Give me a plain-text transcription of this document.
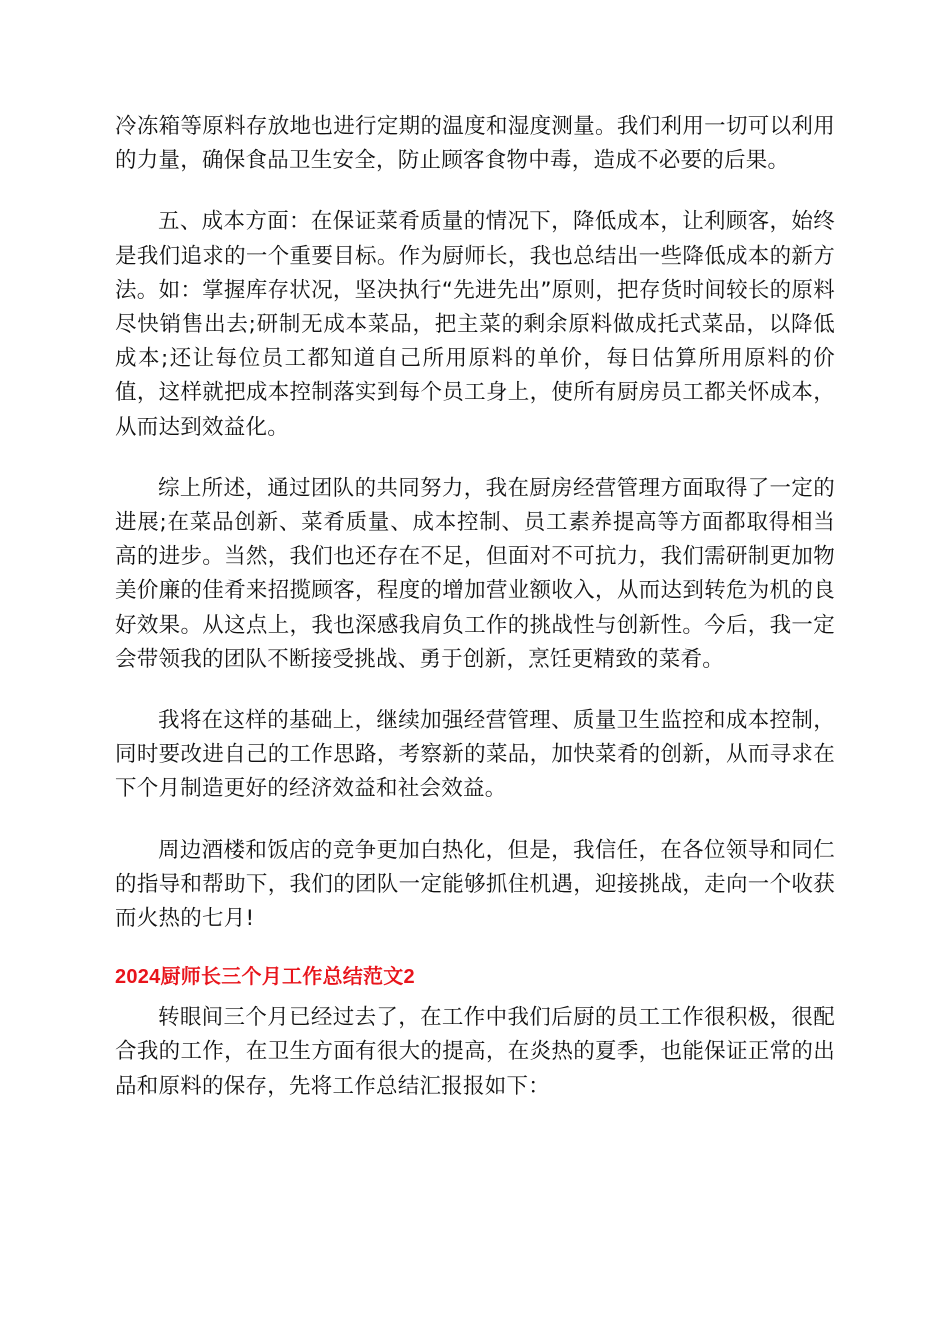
冷冻箱等原料存放地也进行定期的温度和湿度测量。我们利用一切可以利用的力量，确保食品卫生安全，防止顾客食物中毒，造成不必要的后果。

五、成本方面：在保证菜肴质量的情况下，降低成本，让利顾客，始终是我们追求的一个重要目标。作为厨师长，我也总结出一些降低成本的新方法。如：掌握库存状况，坚决执行“先进先出”原则，把存货时间较长的原料尽快销售出去;研制无成本菜品，把主菜的剩余原料做成托式菜品，以降低成本;还让每位员工都知道自己所用原料的单价，每日估算所用原料的价值，这样就把成本控制落实到每个员工身上，使所有厨房员工都关怀成本，从而达到效益化。

综上所述，通过团队的共同努力，我在厨房经营管理方面取得了一定的进展;在菜品创新、菜肴质量、成本控制、员工素养提高等方面都取得相当高的进步。当然，我们也还存在不足，但面对不可抗力，我们需研制更加物美价廉的佳肴来招揽顾客，程度的增加营业额收入，从而达到转危为机的良好效果。从这点上，我也深感我肩负工作的挑战性与创新性。今后，我一定会带领我的团队不断接受挑战、勇于创新，烹饪更精致的菜肴。

我将在这样的基础上，继续加强经营管理、质量卫生监控和成本控制，同时要改进自己的工作思路，考察新的菜品，加快菜肴的创新，从而寻求在下个月制造更好的经济效益和社会效益。

周边酒楼和饭店的竞争更加白热化，但是，我信任，在各位领导和同仁的指导和帮助下，我们的团队一定能够抓住机遇，迎接挑战，走向一个收获而火热的七月!

2024厨师长三个月工作总结范文2

转眼间三个月已经过去了，在工作中我们后厨的员工工作很积极，很配合我的工作，在卫生方面有很大的提高，在炎热的夏季，也能保证正常的出品和原料的保存，先将工作总结汇报报如下：
